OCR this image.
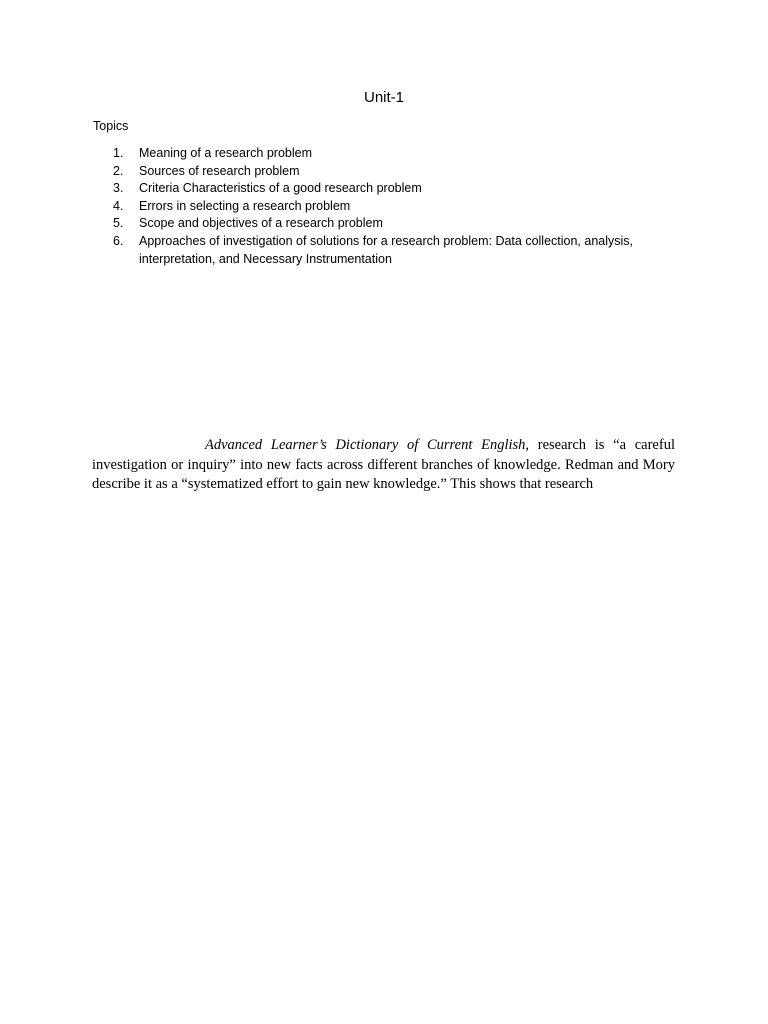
Unit-1
Topics
1.	Meaning of a research problem
2.	Sources of research problem
3.	Criteria Characteristics of a good research problem
4.	Errors in selecting a research problem
5.	Scope and objectives of a research problem
6.	Approaches of investigation of solutions for a research problem: Data collection, analysis, interpretation, and Necessary Instrumentation

Advanced Learner’s Dictionary of Current English, research is “a careful investigation or inquiry” into new facts across different branches of knowledge. Redman and Mory describe it as a “systematized effort to gain new knowledge.” This shows that research
